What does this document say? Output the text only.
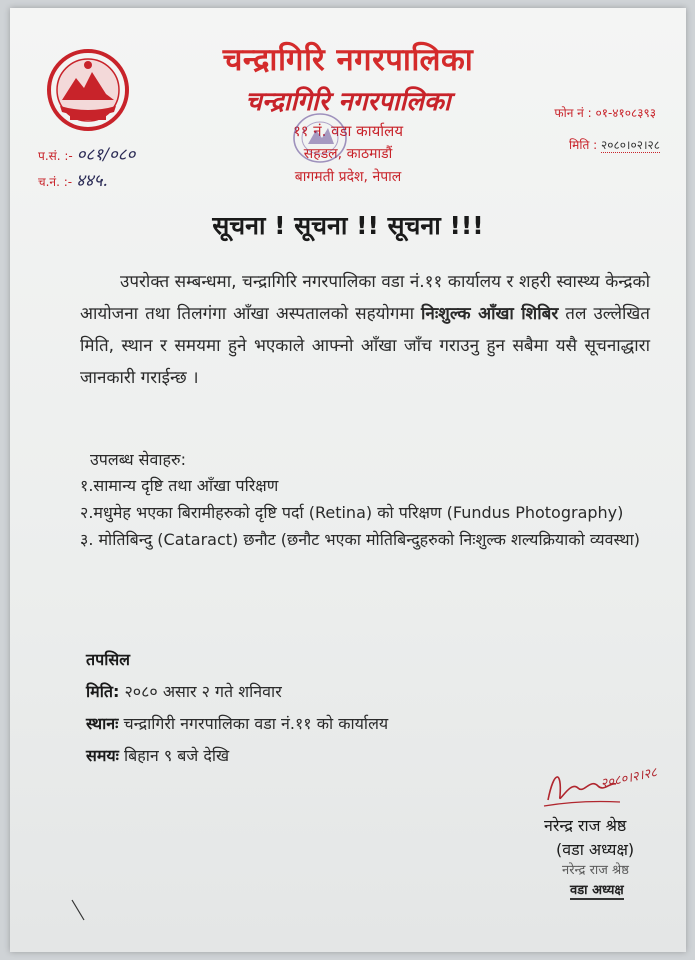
चन्द्रागिरि नगरपालिका
चन्द्रागिरि नगरपालिका
११ नं. वडा कार्यालय
सहडल, काठमाडौं
बागमती प्रदेश, नेपाल
फोन नं : ०१-४१०८३९३
मिति : २०८०।०२।२८
प.सं. :- ०८१/०८०
च.नं. :- ४४५.
सूचना ! सूचना !! सूचना !!!
उपरोक्त सम्बन्धमा, चन्द्रागिरि नगरपालिका वडा नं.११ कार्यालय र शहरी स्वास्थ्य केन्द्रको आयोजना तथा तिलगंगा आँखा अस्पतालको सहयोगमा निःशुल्क आँखा शिबिर तल उल्लेखित मिति, स्थान र समयमा हुने भएकाले आफ्नो आँखा जाँच गराउनु हुन सबैमा यसै सूचनाद्धारा जानकारी गराईन्छ ।
उपलब्ध सेवाहरु:
१.सामान्य दृष्टि तथा आँखा परिक्षण
२.मधुमेह भएका बिरामीहरुको दृष्टि पर्दा (Retina) को परिक्षण (Fundus Photography)
३. मोतिबिन्दु (Cataract) छनौट (छनौट भएका मोतिबिन्दुहरुको निःशुल्क शल्यक्रियाको व्यवस्था)
तपसिल
मिति: २०८० असार २ गते शनिवार
स्थानः चन्द्रागिरी नगरपालिका वडा नं.११ को कार्यालय
समयः बिहान ९ बजे देखि
२०८०।२।२८
नरेन्द्र राज श्रेष्ठ
(वडा अध्यक्ष)
नरेन्द्र राज श्रेष्ठ
वडा अध्यक्ष
